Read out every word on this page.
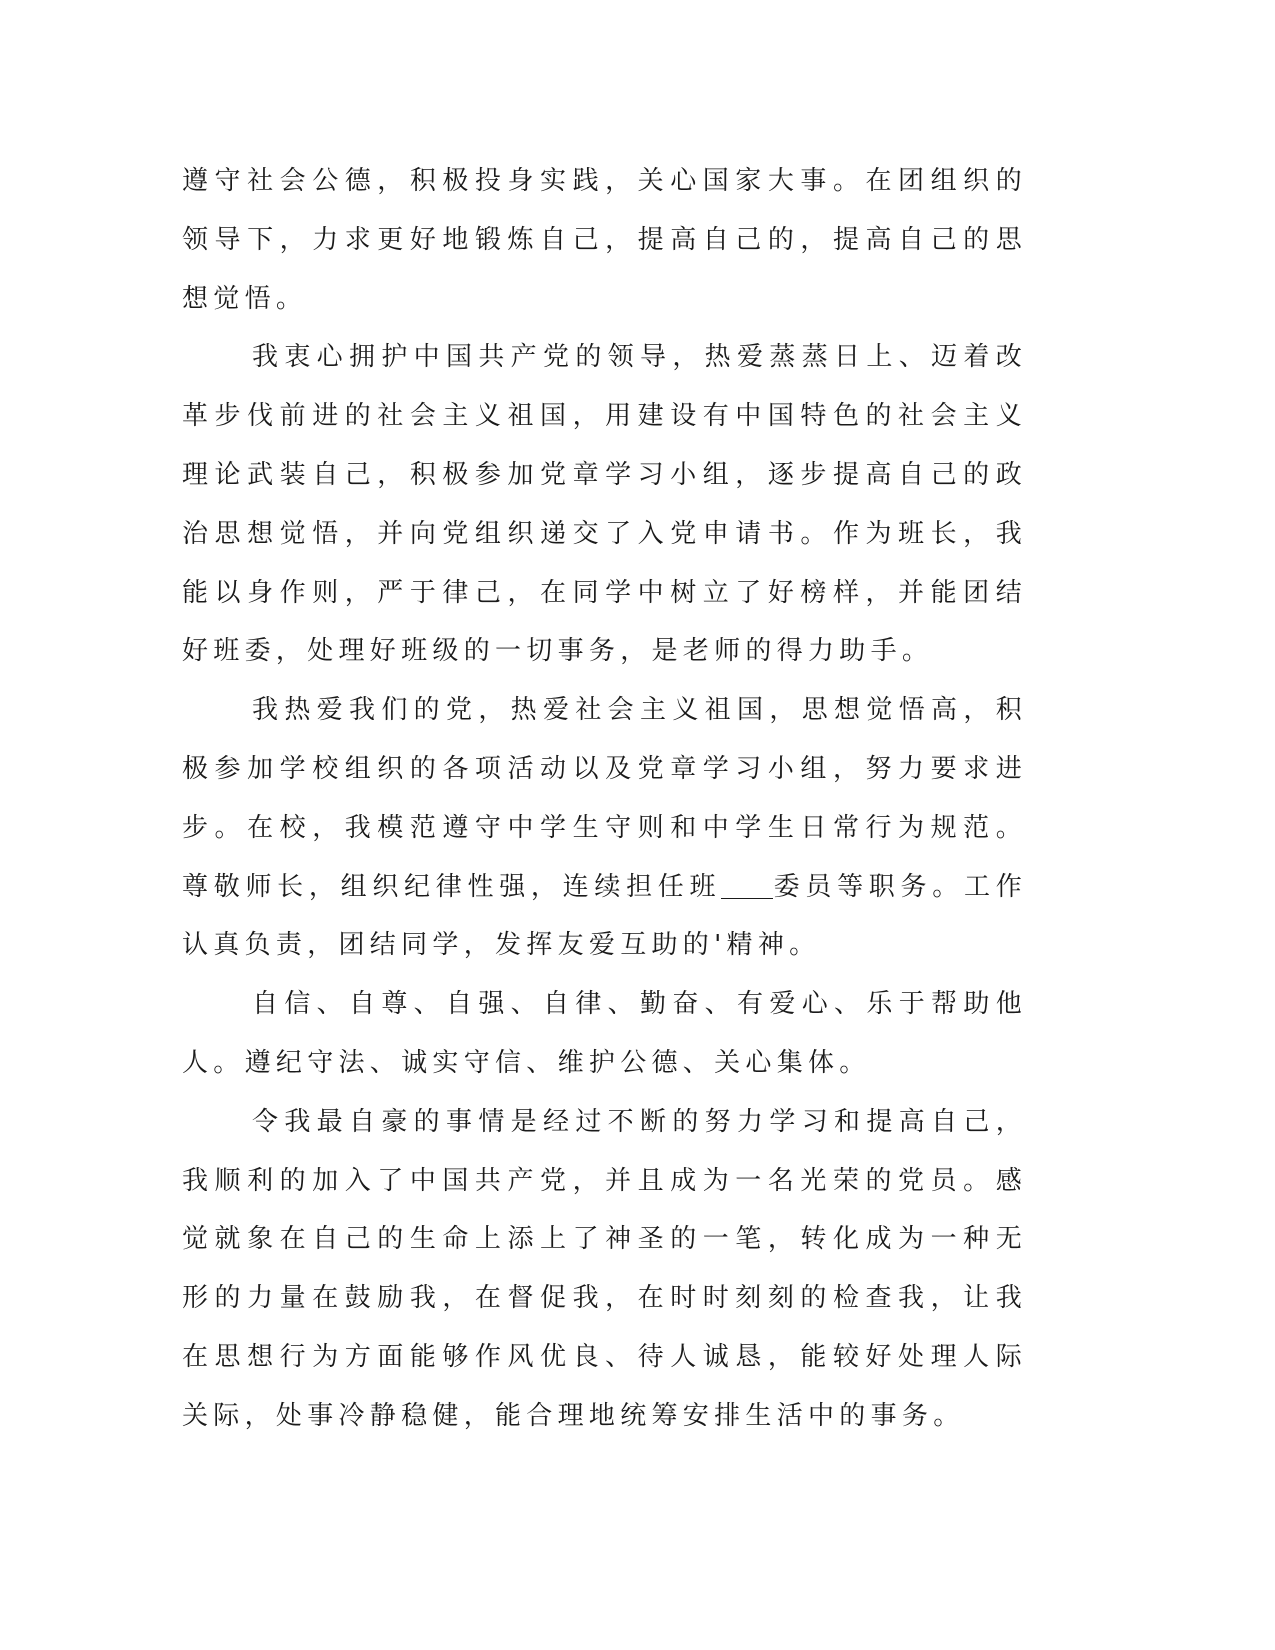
遵守社会公德，积极投身实践，关心国家大事。在团组织的领导下，力求更好地锻炼自己，提高自己的，提高自己的思想觉悟。

我衷心拥护中国共产党的领导，热爱蒸蒸日上、迈着改革步伐前进的社会主义祖国，用建设有中国特色的社会主义理论武装自己，积极参加党章学习小组，逐步提高自己的政治思想觉悟，并向党组织递交了入党申请书。作为班长，我能以身作则，严于律己，在同学中树立了好榜样，并能团结好班委，处理好班级的一切事务，是老师的得力助手。

我热爱我们的党，热爱社会主义祖国，思想觉悟高，积极参加学校组织的各项活动以及党章学习小组，努力要求进步。在校，我模范遵守中学生守则和中学生日常行为规范。尊敬师长，组织纪律性强，连续担任班 委员等职务。工作认真负责，团结同学，发挥友爱互助的'精神。

自信、自尊、自强、自律、勤奋、有爱心、乐于帮助他人。遵纪守法、诚实守信、维护公德、关心集体。

令我最自豪的事情是经过不断的努力学习和提高自己，我顺利的加入了中国共产党，并且成为一名光荣的党员。感觉就象在自己的生命上添上了神圣的一笔，转化成为一种无形的力量在鼓励我，在督促我，在时时刻刻的检查我，让我在思想行为方面能够作风优良、待人诚恳，能较好处理人际关际，处事冷静稳健，能合理地统筹安排生活中的事务。
